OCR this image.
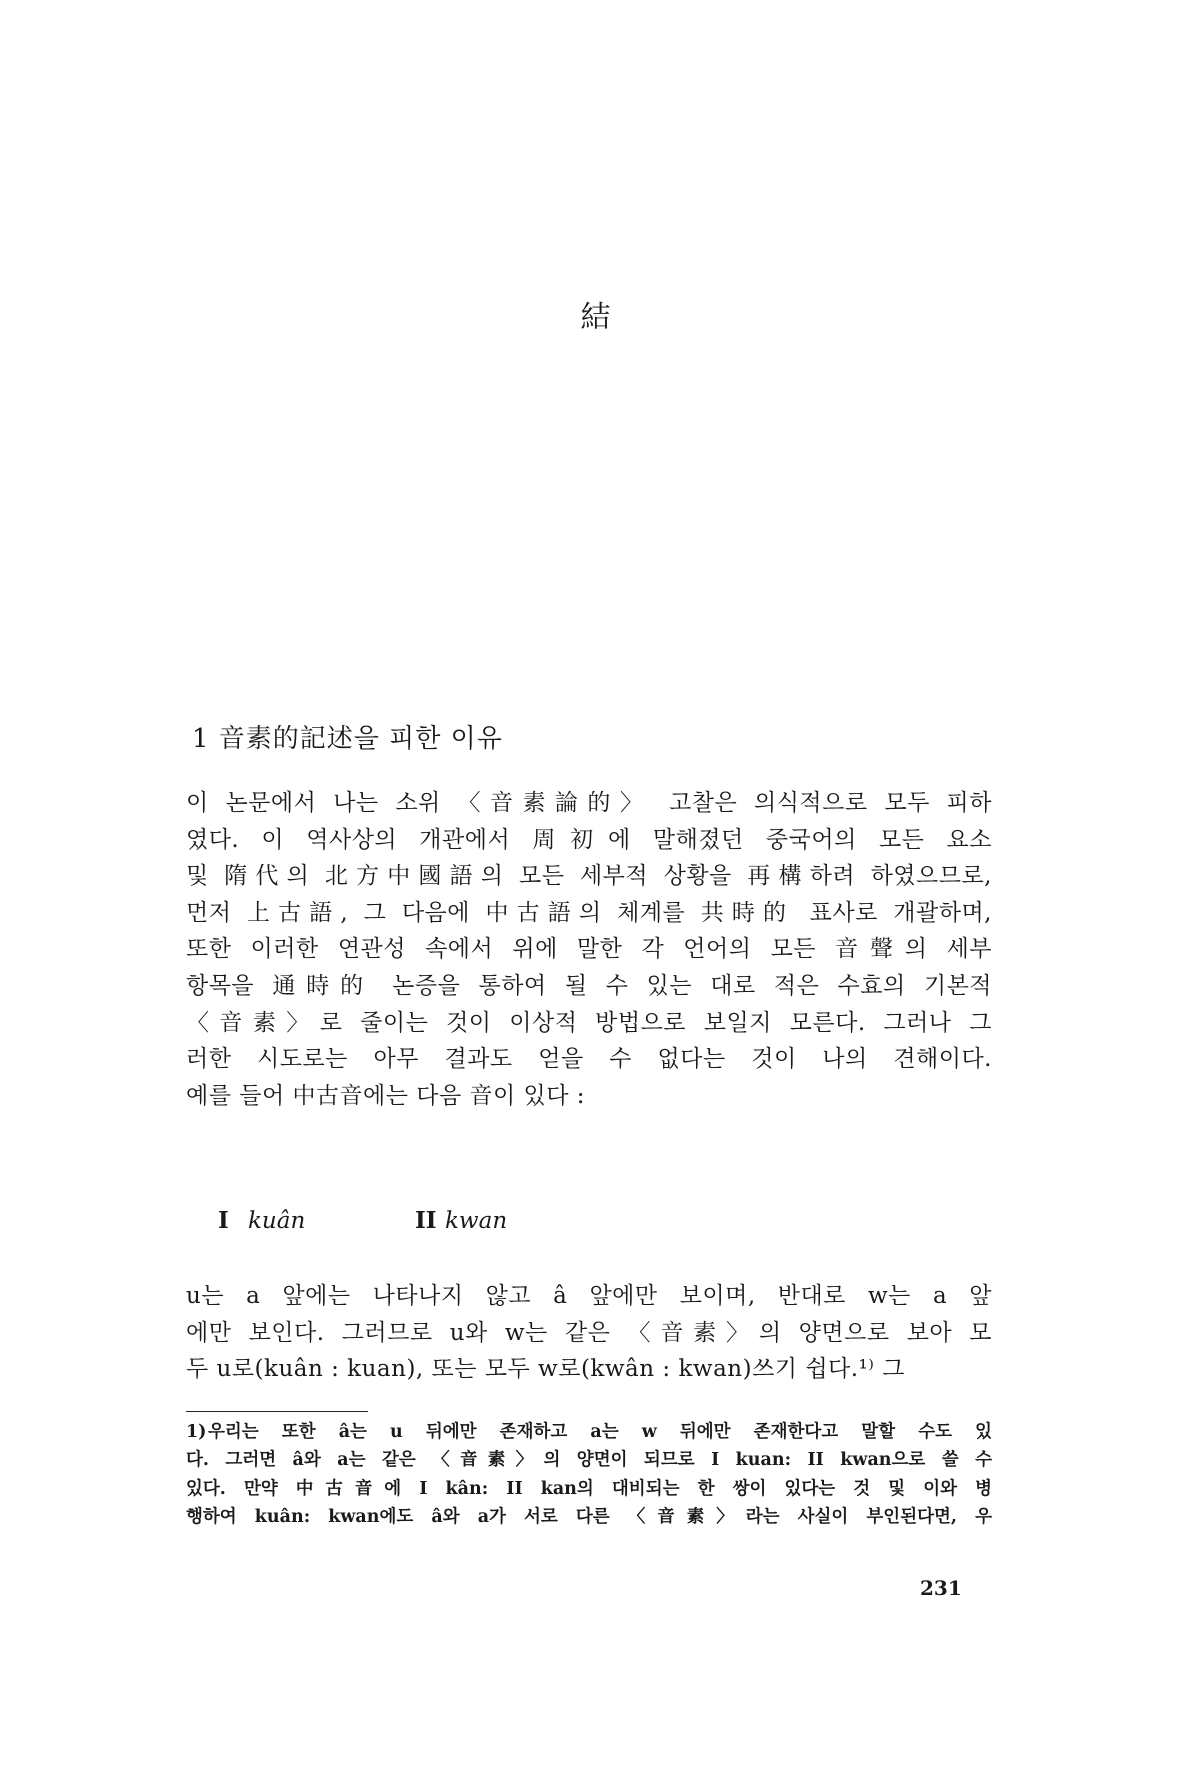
結
1 音素的記述을 피한 이유

이 논문에서 나는 소위 〈音素論的〉 고찰은 의식적으로 모두 피하

였다. 이 역사상의 개관에서 周初에 말해졌던 중국어의 모든 요소

및 隋代의 北方中國語의 모든 세부적 상황을 再構하려 하였으므로,

먼저 上古語, 그 다음에 中古語의 체계를 共時的 표사로 개괄하며,

또한 이러한 연관성 속에서 위에 말한 각 언어의 모든 音聲의 세부

항목을 通時的 논증을 통하여 될 수 있는 대로 적은 수효의 기본적

〈音素〉로 줄이는 것이 이상적 방법으로 보일지 모른다. 그러나 그

러한 시도로는 아무 결과도 얻을 수 없다는 것이 나의 견해이다.

예를 들어 中古音에는 다음 音이 있다 :

I kuân	II kwan

u는 a 앞에는 나타나지 않고 â 앞에만 보이며, 반대로 w는 a 앞

에만 보인다. 그러므로 u와 w는 같은 〈音素〉의 양면으로 보아 모

두 u로(kuân : kuan), 또는 모두 w로(kwân : kwan)쓰기 쉽다.¹⁾ 그

1)우리는 또한 â는 u 뒤에만 존재하고 a는 w 뒤에만 존재한다고 말할 수도 있

다. 그러면 â와 a는 같은 〈音素〉의 양면이 되므로 I kuan: II kwan으로 쓸 수

있다. 만약 中古音에 I kân: II kan의 대비되는 한 쌍이 있다는 것 및 이와 병

행하여 kuân: kwan에도 â와 a가 서로 다른 〈音素〉라는 사실이 부인된다면, 우

231
